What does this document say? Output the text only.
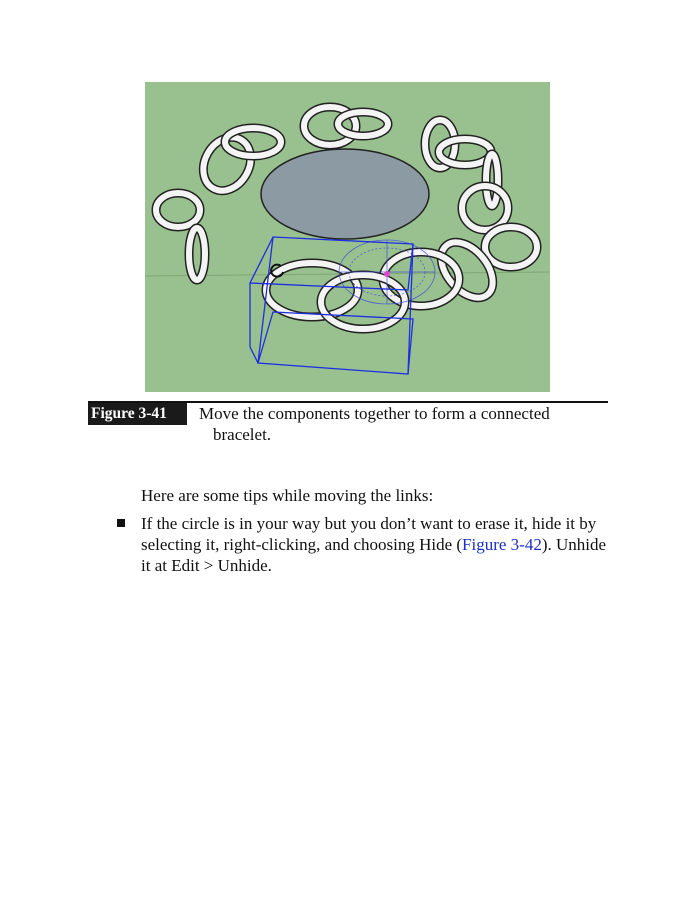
Figure 3-41	Move the components together to form a connected
bracelet.
Here are some tips while moving the links:
If the circle is in your way but you don’t want to erase it, hide it by
selecting it, right-clicking, and choosing Hide (Figure 3-42). Unhide
it at Edit > Unhide.
